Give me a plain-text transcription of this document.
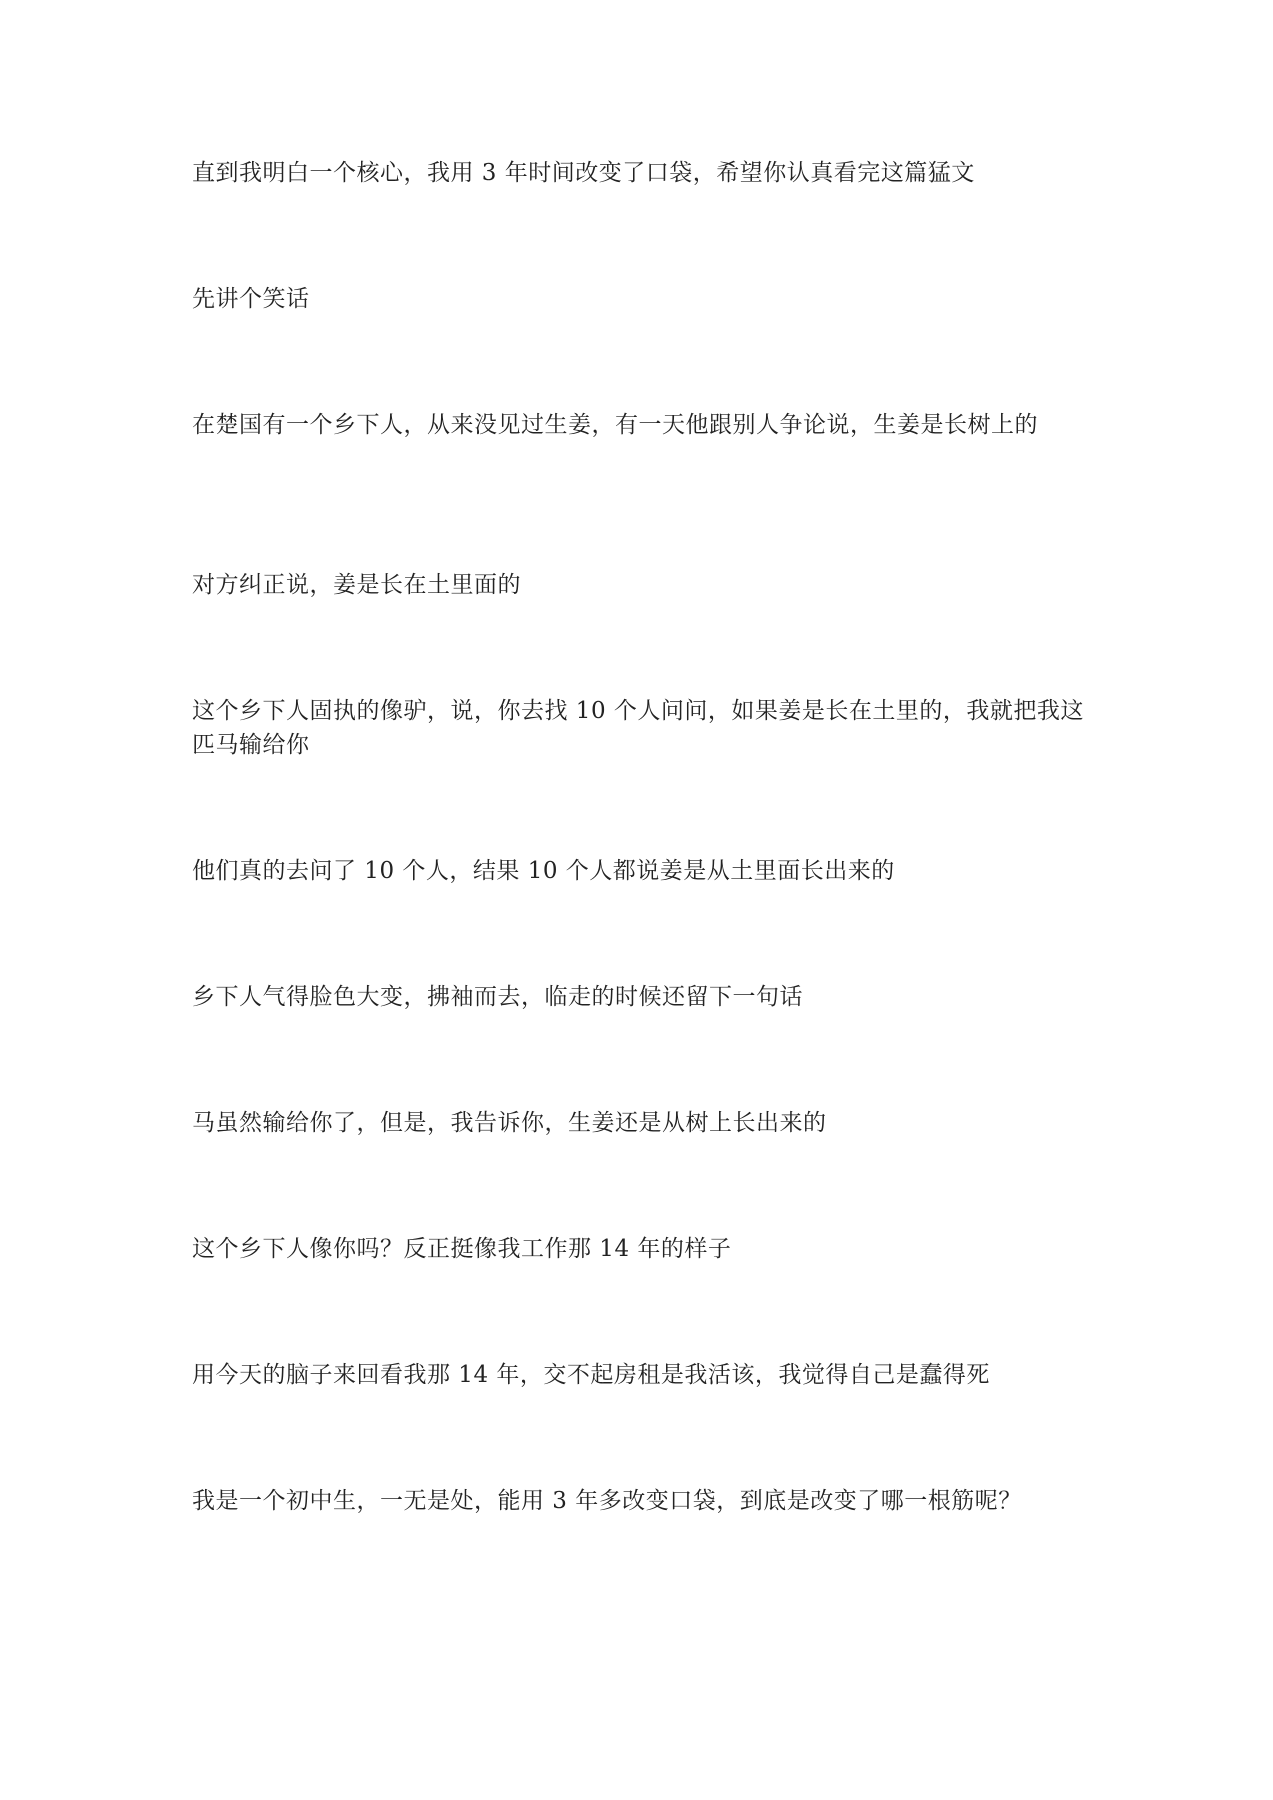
直到我明白一个核心，我用 3 年时间改变了口袋，希望你认真看完这篇猛文

先讲个笑话

在楚国有一个乡下人，从来没见过生姜，有一天他跟别人争论说，生姜是长树上的

对方纠正说，姜是长在土里面的

这个乡下人固执的像驴，说，你去找 10 个人问问，如果姜是长在土里的，我就把我这匹马输给你

他们真的去问了 10 个人，结果 10 个人都说姜是从土里面长出来的

乡下人气得脸色大变，拂袖而去，临走的时候还留下一句话

马虽然输给你了，但是，我告诉你，生姜还是从树上长出来的

这个乡下人像你吗？反正挺像我工作那 14 年的样子

用今天的脑子来回看我那 14 年，交不起房租是我活该，我觉得自己是蠢得死

我是一个初中生，一无是处，能用 3 年多改变口袋，到底是改变了哪一根筋呢？
